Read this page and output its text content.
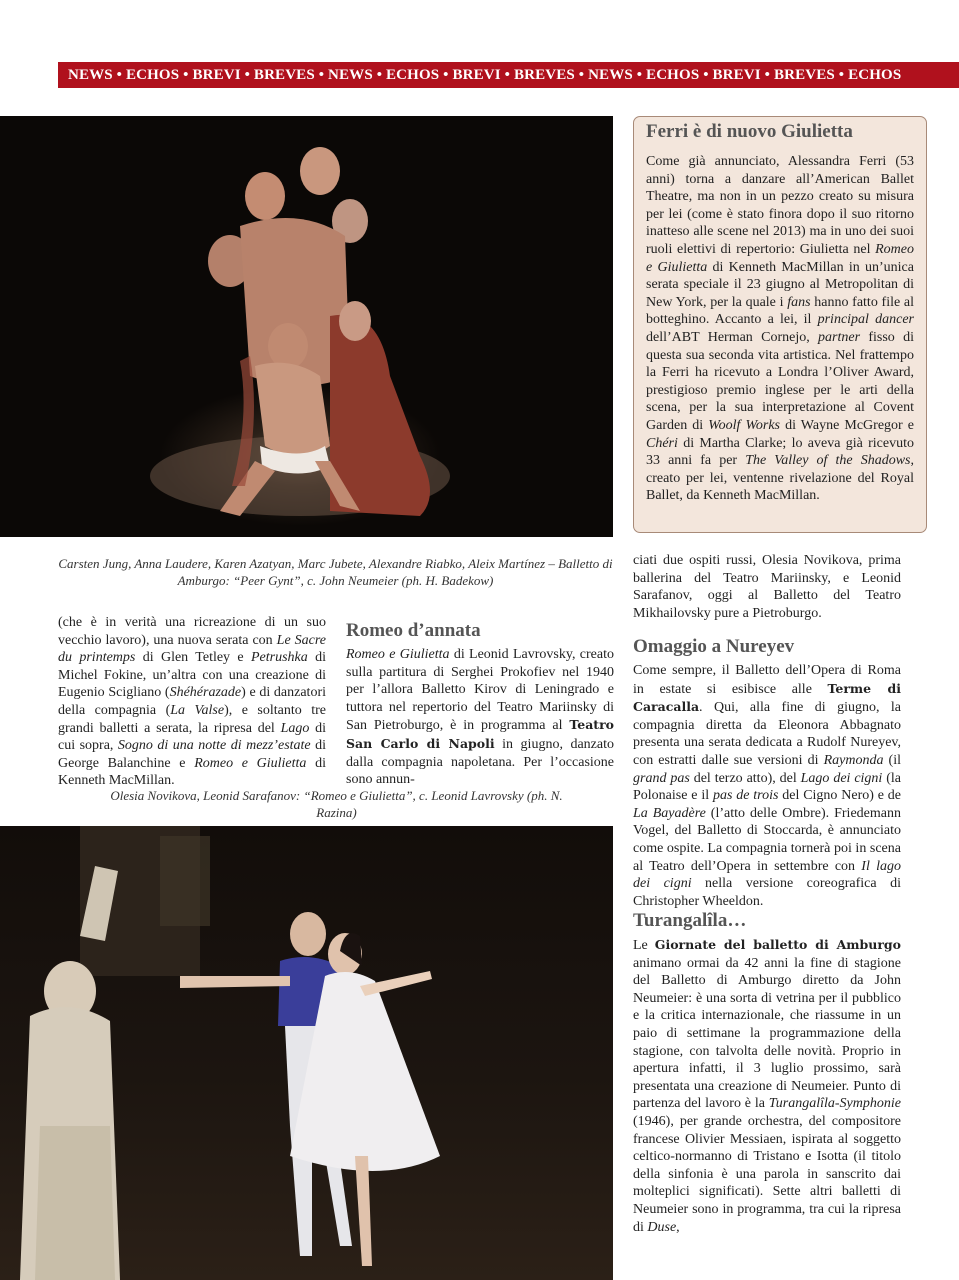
NEWS • ECHOS • BREVI • BREVES • NEWS • ECHOS • BREVI • BREVES • NEWS • ECHOS • BREVI • BREVES • ECHOS
Carsten Jung, Anna Laudere, Karen Azatyan, Marc Jubete, Alexandre Riabko, Aleix Martínez – Balletto di Amburgo: “Peer Gynt”, c. John Neumeier (ph. H. Badekow)
Ferri è di nuovo Giulietta
Come già annunciato, Alessandra Ferri (53 anni) torna a danzare all’American Ballet Theatre, ma non in un pezzo creato su misura per lei (come è stato finora dopo il suo ritorno inatteso alle scene nel 2013) ma in uno dei suoi ruoli elettivi di repertorio: Giulietta nel Romeo e Giulietta di Kenneth MacMillan in un’unica serata speciale il 23 giugno al Metropolitan di New York, per la quale i fans hanno fatto file al botteghino. Accanto a lei, il principal dancer dell’ABT Herman Cornejo, partner fisso di questa sua seconda vita artistica. Nel frattempo la Ferri ha ricevuto a Londra l’Oliver Award, prestigioso premio inglese per le arti della scena, per la sua interpretazione al Covent Garden di Woolf Works di Wayne McGregor e Chéri di Martha Clarke; lo aveva già ricevuto 33 anni fa per The Valley of the Shadows, creato per lei, ventenne rivelazione del Royal Ballet, da Kenneth MacMillan.

(che è in verità una ricreazione di un suo vecchio lavoro), una nuova serata con Le Sacre du printemps di Glen Tetley e Petrushka di Michel Fokine, un’altra con una creazione di Eugenio Scigliano (Shéhérazade) e di danzatori della compagnia (La Valse), e soltanto tre grandi balletti a serata, la ripresa del Lago di cui sopra, Sogno di una notte di mezz’estate di George Balanchine e Romeo e Giulietta di Kenneth MacMillan.

Romeo d’annata

Romeo e Giulietta di Leonid Lavrovsky, creato sulla partitura di Serghei Prokofiev nel 1940 per l’allora Balletto Kirov di Leningrado e tuttora nel repertorio del Teatro Mariinsky di San Pietroburgo, è in programma al Teatro San Carlo di Napoli in giugno, danzato dalla compagnia napoletana. Per l’occasione sono annun-

ciati due ospiti russi, Olesia Novikova, prima ballerina del Teatro Mariinsky, e Leonid Sarafanov, oggi al Balletto del Teatro Mikhailovsky pure a Pietroburgo.

Omaggio a Nureyev

Come sempre, il Balletto dell’Opera di Roma in estate si esibisce alle Terme di Caracalla. Qui, alla fine di giugno, la compagnia diretta da Eleonora Abbagnato presenta una serata dedicata a Rudolf Nureyev, con estratti dalle sue versioni di Raymonda (il grand pas del terzo atto), del Lago dei cigni (la Polonaise e il pas de trois del Cigno Nero) e de La Bayadère (l’atto delle Ombre). Friedemann Vogel, del Balletto di Stoccarda, è annunciato come ospite. La compagnia tornerà poi in scena al Teatro dell’Opera in settembre con Il lago dei cigni nella versione coreografica di Christopher Wheeldon.

Turangalîla…

Le Giornate del balletto di Amburgo animano ormai da 42 anni la fine di stagione del Balletto di Amburgo diretto da John Neumeier: è una sorta di vetrina per il pubblico e la critica internazionale, che riassume in un paio di settimane la programmazione della stagione, con talvolta delle novità. Proprio in apertura infatti, il 3 luglio prossimo, sarà presentata una creazione di Neumeier. Punto di partenza del lavoro è la Turangalîla-Symphonie (1946), per grande orchestra, del compositore francese Olivier Messiaen, ispirata al soggetto celtico-normanno di Tristano e Isotta (il titolo della sinfonia è una parola in sanscrito dai molteplici significati). Sette altri balletti di Neumeier sono in programma, tra cui la ripresa di Duse,

Olesia Novikova, Leonid Sarafanov: “Romeo e Giulietta”, c. Leonid Lavrovsky (ph. N. Razina)
